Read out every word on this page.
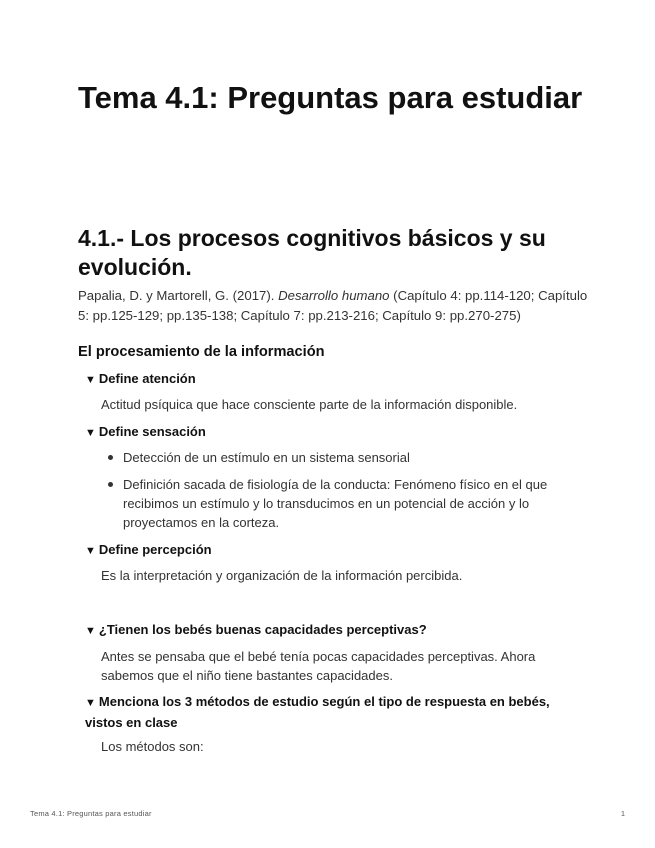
Tema 4.1: Preguntas para estudiar
4.1.- Los procesos cognitivos básicos y su evolución.

Papalia, D. y Martorell, G. (2017). Desarrollo humano (Capítulo 4: pp.114-120; Capítulo 5: pp.125-129; pp.135-138; Capítulo 7: pp.213-216; Capítulo 9: pp.270-275)

El procesamiento de la información
▼ Define atención

Actitud psíquica que hace consciente parte de la información disponible.

▼ Define sensación
Detección de un estímulo en un sistema sensorial
Definición sacada de fisiología de la conducta: Fenómeno físico en el que recibimos un estímulo y lo transducimos en un potencial de acción y lo proyectamos en la corteza.
▼ Define percepción

Es la interpretación y organización de la información percibida.

▼ ¿Tienen los bebés buenas capacidades perceptivas?

Antes se pensaba que el bebé tenía pocas capacidades perceptivas. Ahora sabemos que el niño tiene bastantes capacidades.

▼ Menciona los 3 métodos de estudio según el tipo de respuesta en bebés, vistos en clase

Los métodos son:

Tema 4.1: Preguntas para estudiar	1
